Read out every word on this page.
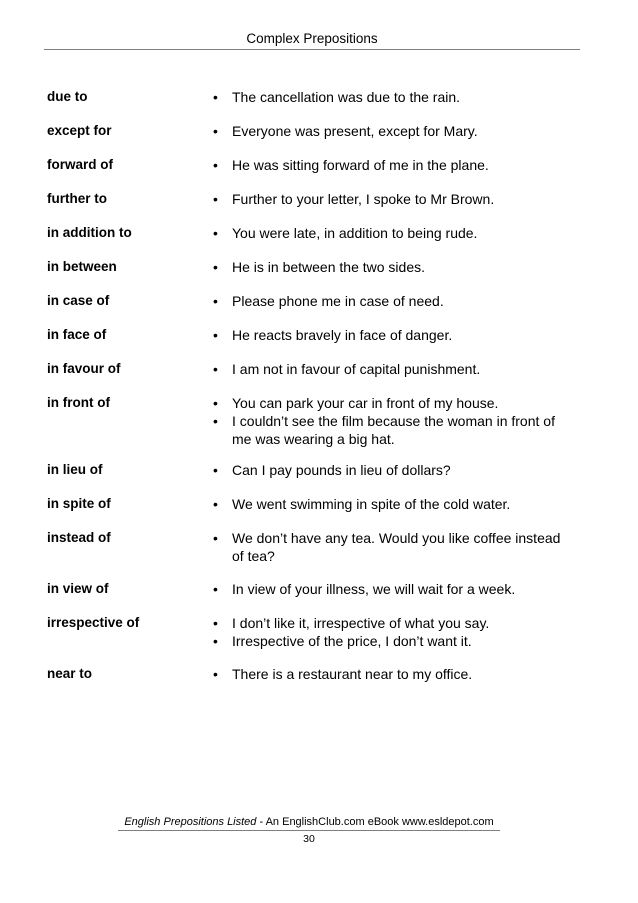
Complex Prepositions
due to	• The cancellation was due to the rain.
except for	• Everyone was present, except for Mary.
forward of	• He was sitting forward of me in the plane.
further to	• Further to your letter, I spoke to Mr Brown.
in addition to	• You were late, in addition to being rude.
in between	• He is in between the two sides.
in case of	• Please phone me in case of need.
in face of	• He reacts bravely in face of danger.
in favour of	• I am not in favour of capital punishment.
in front of	• You can park your car in front of my house.
• I couldn’t see the film because the woman in front of me was wearing a big hat.
in lieu of	• Can I pay pounds in lieu of dollars?
in spite of	• We went swimming in spite of the cold water.
instead of	• We don’t have any tea. Would you like coffee instead of tea?
in view of	• In view of your illness, we will wait for a week.
irrespective of	• I don’t like it, irrespective of what you say.
• Irrespective of the price, I don’t want it.
near to	• There is a restaurant near to my office.
English Prepositions Listed - An EnglishClub.com eBook www.esldepot.com
30
